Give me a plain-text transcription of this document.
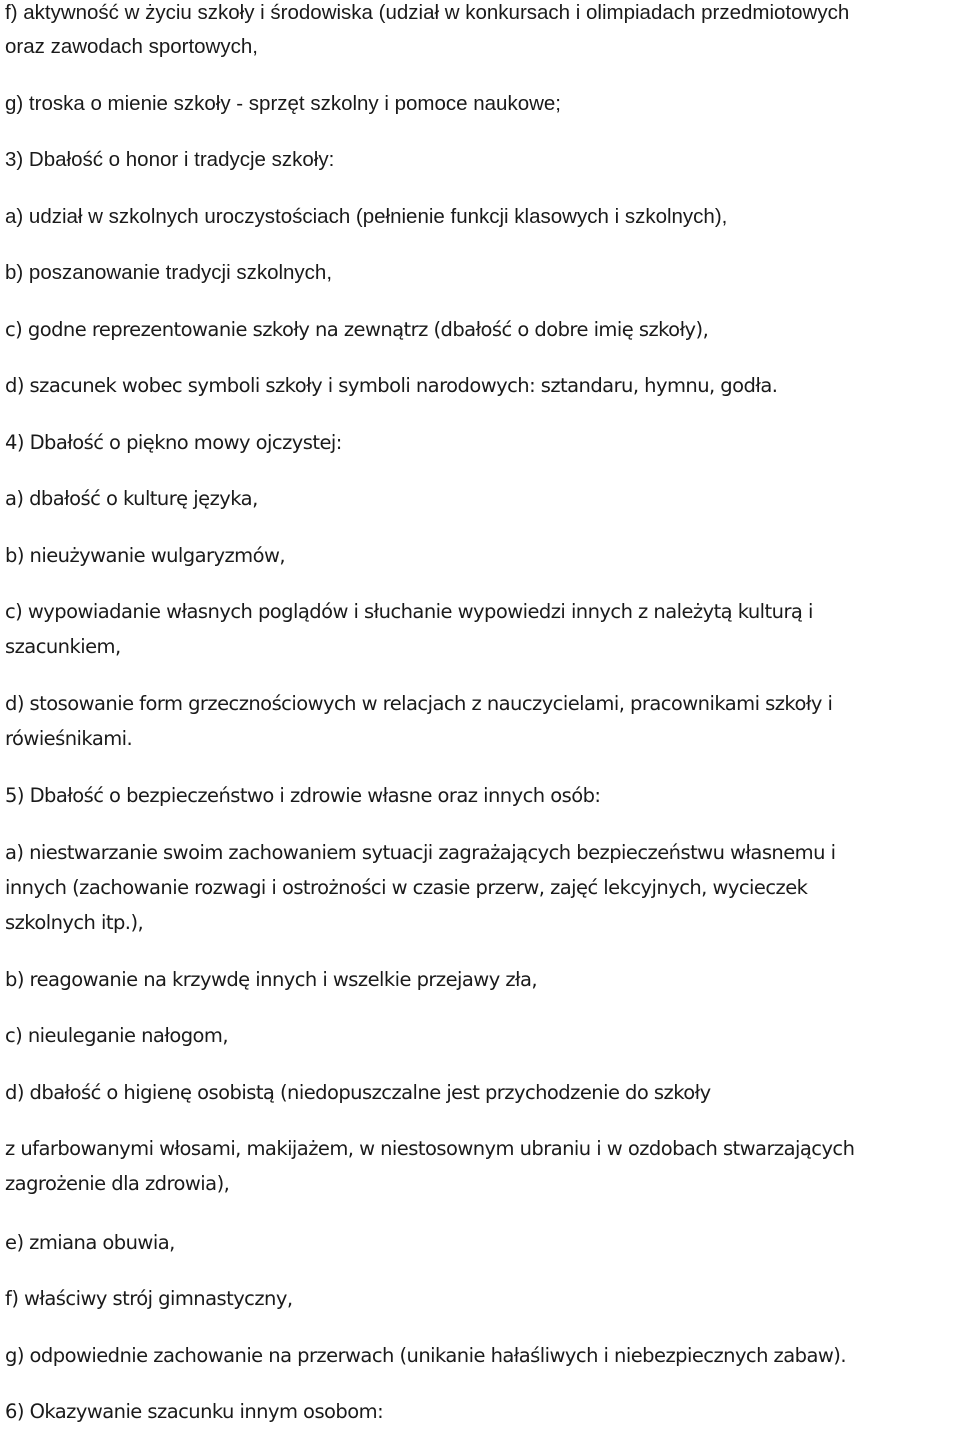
f) aktywność w życiu szkoły i środowiska (udział w konkursach i olimpiadach przedmiotowych
oraz zawodach sportowych,
g) troska o mienie szkoły - sprzęt szkolny i pomoce naukowe;
3) Dbałość o honor i tradycje szkoły:
a) udział w szkolnych uroczystościach (pełnienie funkcji klasowych i szkolnych),
b) poszanowanie tradycji szkolnych,
c) godne reprezentowanie szkoły na zewnątrz (dbałość o dobre imię szkoły),
d) szacunek wobec symboli szkoły i symboli narodowych: sztandaru, hymnu, godła.
4) Dbałość o piękno mowy ojczystej:
a) dbałość o kulturę języka,
b) nieużywanie wulgaryzmów,
c) wypowiadanie własnych poglądów i słuchanie wypowiedzi innych z należytą kulturą i
szacunkiem,
d) stosowanie form grzecznościowych w relacjach z nauczycielami, pracownikami szkoły i
rówieśnikami.
5) Dbałość o bezpieczeństwo i zdrowie własne oraz innych osób:
a) niestwarzanie swoim zachowaniem sytuacji zagrażających bezpieczeństwu własnemu i
innych (zachowanie rozwagi i ostrożności w czasie przerw, zajęć lekcyjnych, wycieczek
szkolnych itp.),
b) reagowanie na krzywdę innych i wszelkie przejawy zła,
c) nieuleganie nałogom,
d) dbałość o higienę osobistą (niedopuszczalne jest przychodzenie do szkoły
z ufarbowanymi włosami, makijażem, w niestosownym ubraniu i w ozdobach stwarzających
zagrożenie dla zdrowia),
e) zmiana obuwia,
f) właściwy strój gimnastyczny,
g) odpowiednie zachowanie na przerwach (unikanie hałaśliwych i niebezpiecznych zabaw).
6) Okazywanie szacunku innym osobom:
